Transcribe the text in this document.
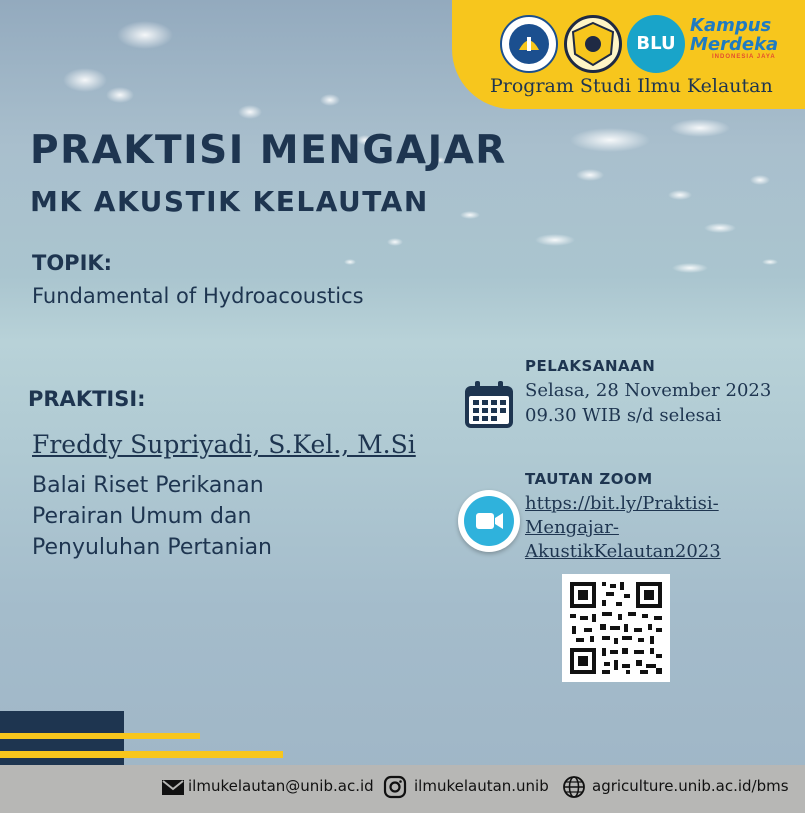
BLU
Kampus
Merdeka
INDONESIA JAYA
Program Studi Ilmu Kelautan
PRAKTISI MENGAJAR
MK AKUSTIK KELAUTAN
TOPIK:
Fundamental of Hydroacoustics
PRAKTISI:
Freddy Supriyadi, S.Kel., M.Si
Balai Riset Perikanan
Perairan Umum dan
Penyuluhan Pertanian
PELAKSANAAN
Selasa, 28 November 2023
09.30 WIB s/d selesai
TAUTAN ZOOM
https://bit.ly/Praktisi-
Mengajar-
AkustikKelautan2023
ilmukelautan@unib.ac.id	ilmukelautan.unib	agriculture.unib.ac.id/bms
